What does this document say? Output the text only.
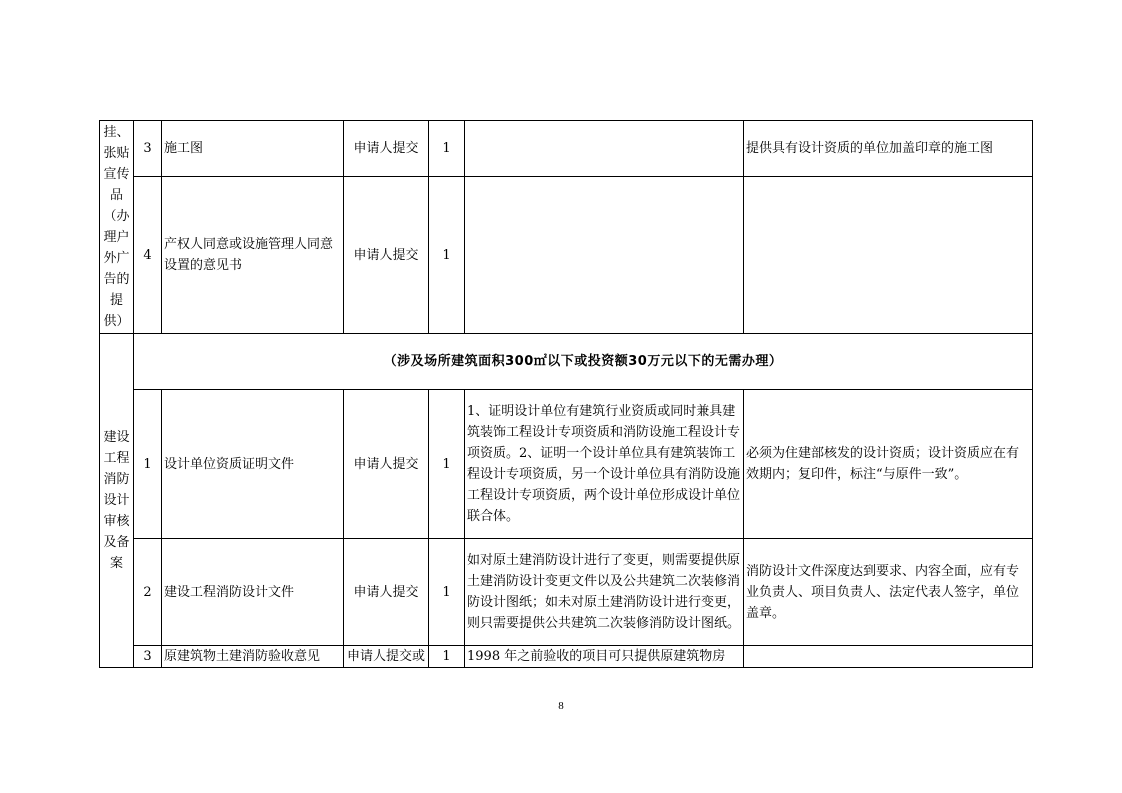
挂、张贴宣传品（办理户外广告的提供）	3	施工图	申请人提交	1		提供具有设计资质的单位加盖印章的施工图
	4	产权人同意或设施管理人同意设置的意见书	申请人提交	1		
建设工程消防设计审核及备案	（涉及场所建筑面积300㎡以下或投资额30万元以下的无需办理）					
	1	设计单位资质证明文件	申请人提交	1	1、证明设计单位有建筑行业资质或同时兼具建筑装饰工程设计专项资质和消防设施工程设计专项资质。2、证明一个设计单位具有建筑装饰工程设计专项资质，另一个设计单位具有消防设施工程设计专项资质，两个设计单位形成设计单位联合体。	必须为住建部核发的设计资质；设计资质应在有效期内；复印件，标注“与原件一致”。
	2	建设工程消防设计文件	申请人提交	1	如对原土建消防设计进行了变更，则需要提供原土建消防设计变更文件以及公共建筑二次装修消防设计图纸；如未对原土建消防设计进行变更，则只需要提供公共建筑二次装修消防设计图纸。	消防设计文件深度达到要求、内容全面，应有专业负责人、项目负责人、法定代表人签字，单位盖章。
	3	原建筑物土建消防验收意见	申请人提交或	1	1998 年之前验收的项目可只提供原建筑物房	
8
